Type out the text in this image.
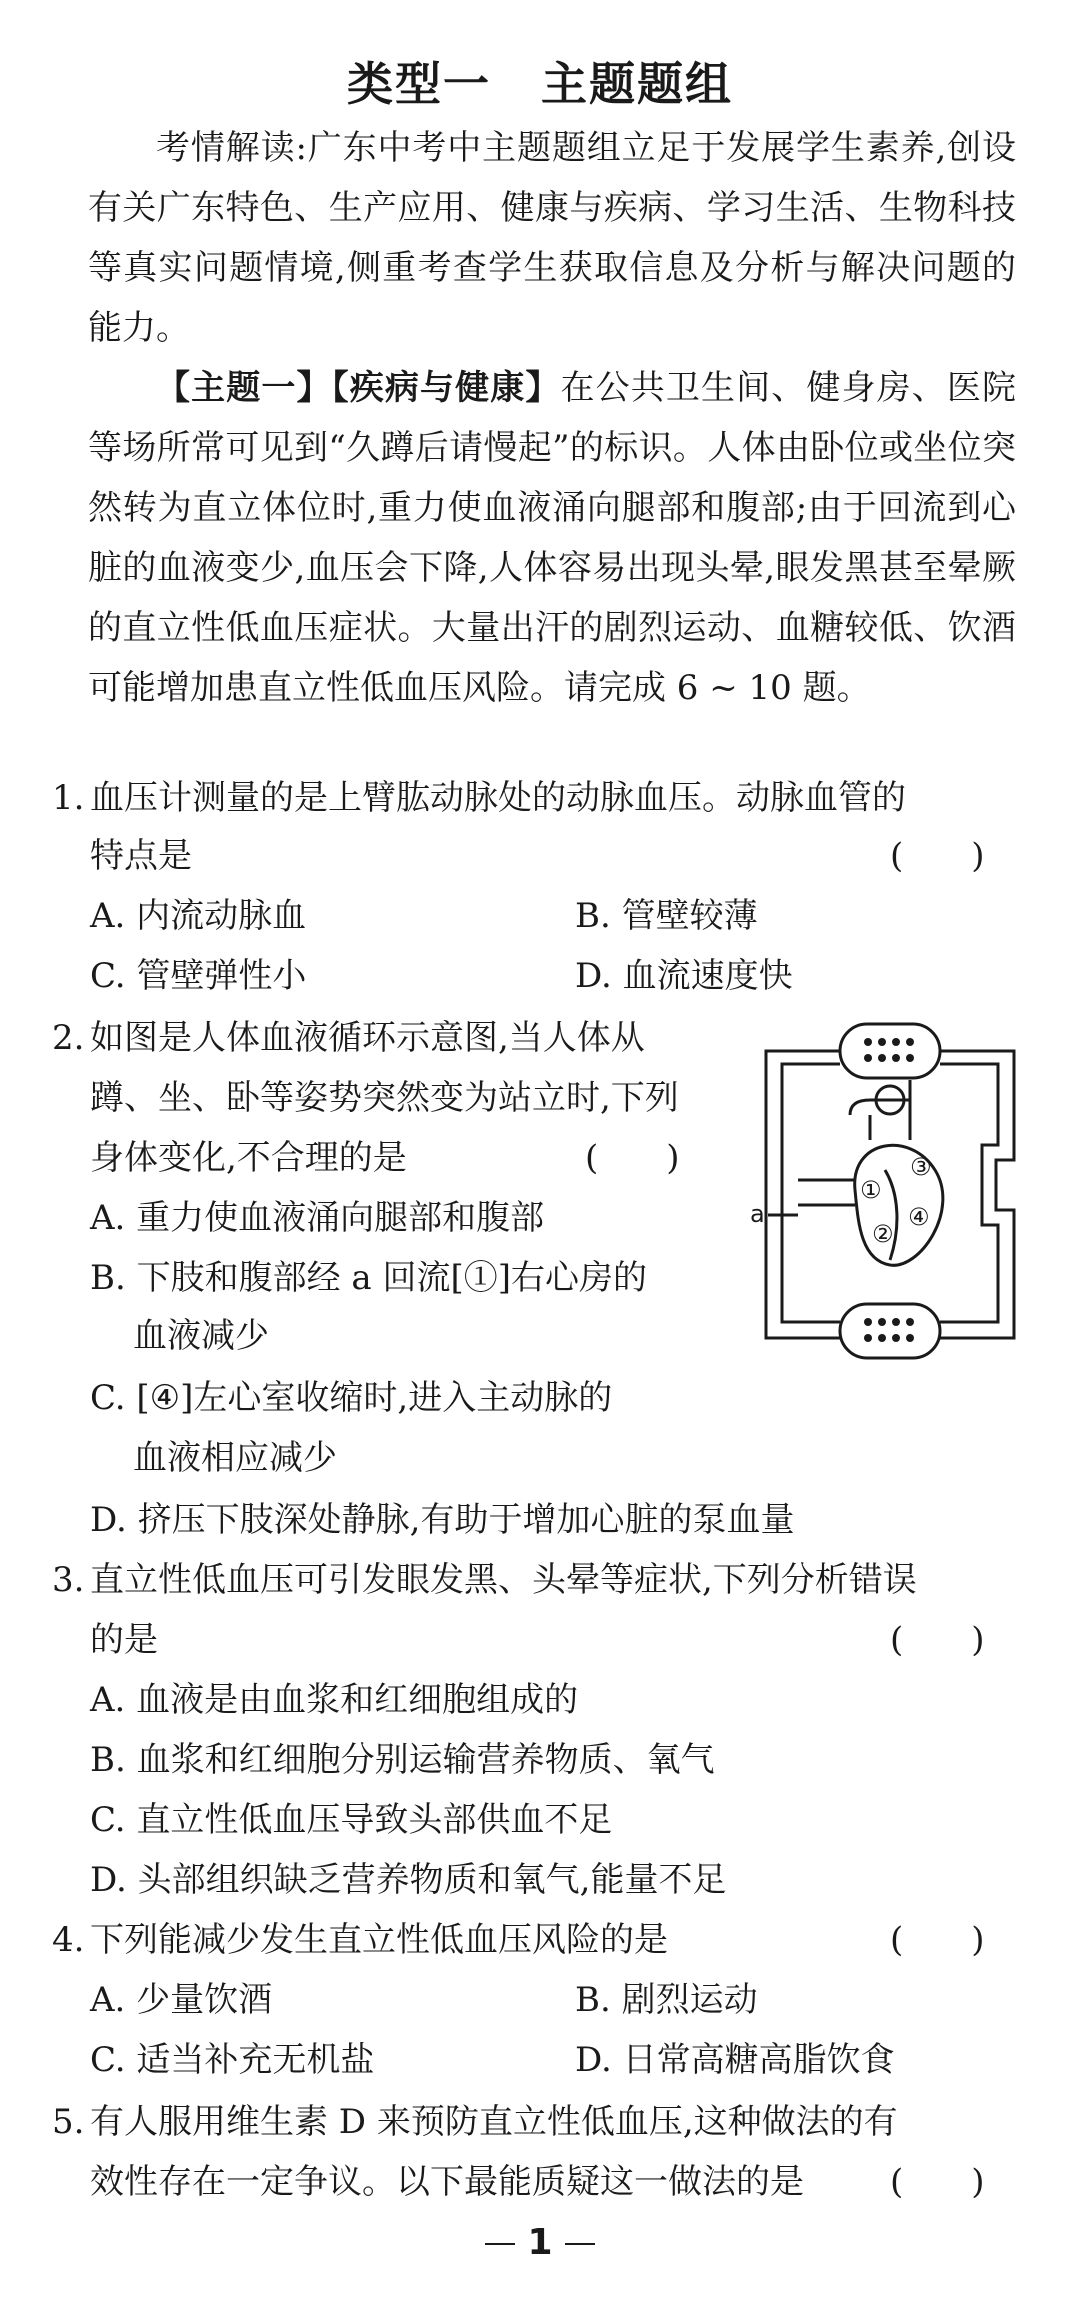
类型一 主题题组
考情解读:广东中考中主题题组立足于发展学生素养,创设有关广东特色、生产应用、健康与疾病、学习生活、生物科技等真实问题情境,侧重考查学生获取信息及分析与解决问题的能力。
【主题一】【疾病与健康】在公共卫生间、健身房、医院等场所常可见到“久蹲后请慢起”的标识。人体由卧位或坐位突然转为直立体位时,重力使血液涌向腿部和腹部;由于回流到心脏的血液变少,血压会下降,人体容易出现头晕,眼发黑甚至晕厥的直立性低血压症状。大量出汗的剧烈运动、血糖较低、饮酒可能增加患直立性低血压风险。请完成 6 ~ 10 题。
1. 血压计测量的是上臂肱动脉处的动脉血压。动脉血管的
特点是	(　　)
A. 内流动脉血	B. 管壁较薄
C. 管壁弹性小	D. 血流速度快
2. 如图是人体血液循环示意图,当人体从
蹲、坐、卧等姿势突然变为站立时,下列
身体变化,不合理的是	(　　)
A. 重力使血液涌向腿部和腹部
B. 下肢和腹部经 a 回流[①]右心房的
血液减少
C. [④]左心室收缩时,进入主动脉的
血液相应减少
D. 挤压下肢深处静脉,有助于增加心脏的泵血量
a
①
②
③
④
3. 直立性低血压可引发眼发黑、头晕等症状,下列分析错误
的是	(　　)
A. 血液是由血浆和红细胞组成的
B. 血浆和红细胞分别运输营养物质、氧气
C. 直立性低血压导致头部供血不足
D. 头部组织缺乏营养物质和氧气,能量不足
4. 下列能减少发生直立性低血压风险的是	(　　)
A. 少量饮酒	B. 剧烈运动
C. 适当补充无机盐	D. 日常高糖高脂饮食
5. 有人服用维生素 D 来预防直立性低血压,这种做法的有
效性存在一定争议。以下最能质疑这一做法的是	(　　)
1
